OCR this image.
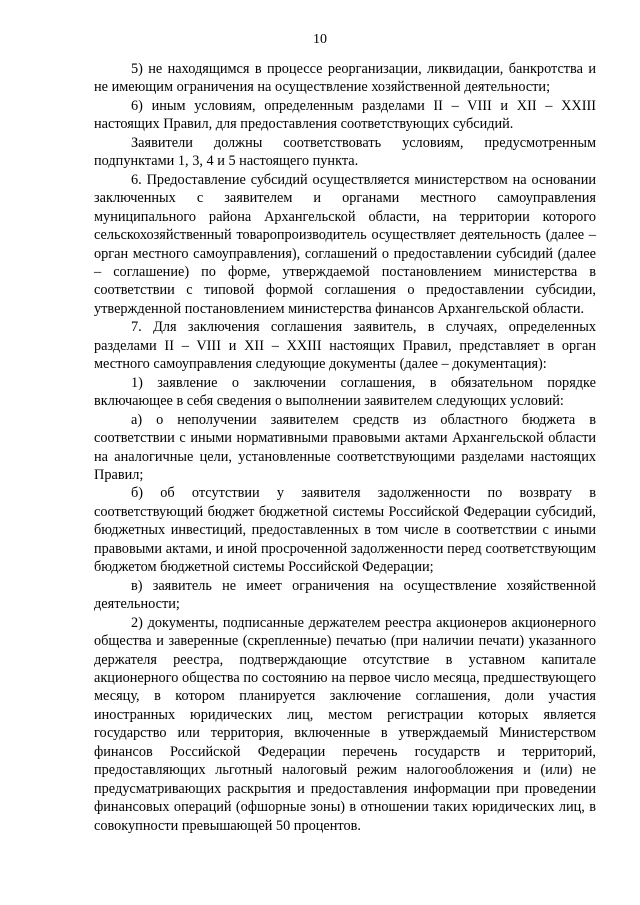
10

5) не находящимся в процессе реорганизации, ликвидации, банкротства и не имеющим ограничения на осуществление хозяйственной деятельности;

6) иным условиям, определенным разделами II – VIII и XII – XXIII настоящих Правил, для предоставления соответствующих субсидий.

Заявители должны соответствовать условиям, предусмотренным подпунктами 1, 3, 4 и 5 настоящего пункта.

6. Предоставление субсидий осуществляется министерством на основании заключенных с заявителем и органами местного самоуправления муниципального района Архангельской области, на территории которого сельскохозяйственный товаропроизводитель осуществляет деятельность (далее – орган местного самоуправления), соглашений о предоставлении субсидий (далее – соглашение) по форме, утверждаемой постановлением министерства в соответствии с типовой формой соглашения о предоставлении субсидии, утвержденной постановлением министерства финансов Архангельской области.

7. Для заключения соглашения заявитель, в случаях, определенных разделами II – VIII и XII – XXIII настоящих Правил, представляет в орган местного самоуправления следующие документы (далее – документация):

1) заявление о заключении соглашения, в обязательном порядке включающее в себя сведения о выполнении заявителем следующих условий:

а) о неполучении заявителем средств из областного бюджета в соответствии с иными нормативными правовыми актами Архангельской области на аналогичные цели, установленные соответствующими разделами настоящих Правил;

б) об отсутствии у заявителя задолженности по возврату в соответствующий бюджет бюджетной системы Российской Федерации субсидий, бюджетных инвестиций, предоставленных в том числе в соответствии с иными правовыми актами, и иной просроченной задолженности перед соответствующим бюджетом бюджетной системы Российской Федерации;

в) заявитель не имеет ограничения на осуществление хозяйственной деятельности;

2) документы, подписанные держателем реестра акционеров акционерного общества и заверенные (скрепленные) печатью (при наличии печати) указанного держателя реестра, подтверждающие отсутствие в уставном капитале акционерного общества по состоянию на первое число месяца, предшествующего месяцу, в котором планируется заключение соглашения, доли участия иностранных юридических лиц, местом регистрации которых является государство или территория, включенные в утверждаемый Министерством финансов Российской Федерации перечень государств и территорий, предоставляющих льготный налоговый режим налогообложения и (или) не предусматривающих раскрытия и предоставления информации при проведении финансовых операций (офшорные зоны) в отношении таких юридических лиц, в совокупности превышающей 50 процентов.
